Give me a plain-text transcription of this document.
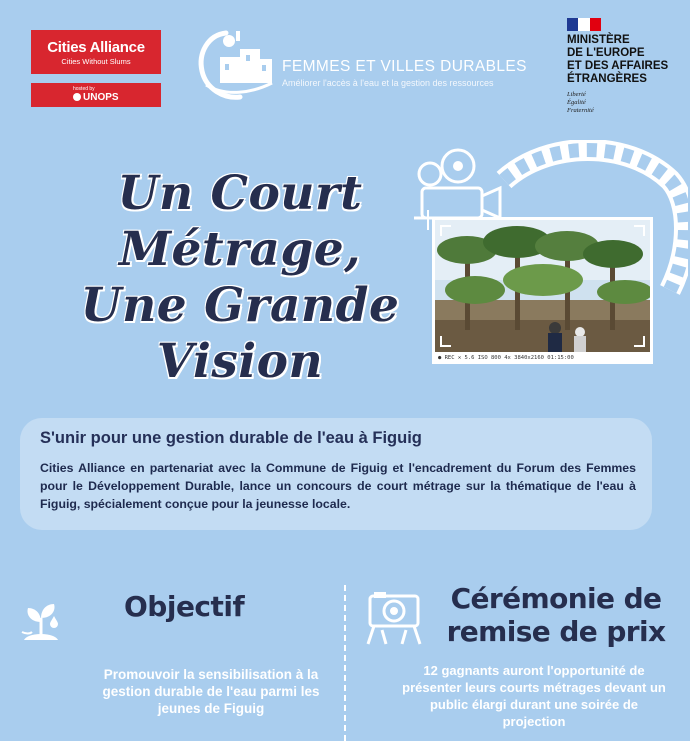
Cities Alliance
Cities Without Slums
hosted by
UNOPS
FEMMES ET VILLES DURABLES
Améliorer l'accès à l'eau et la gestion des ressources
MINISTÈRE
DE L'EUROPE
ET DES AFFAIRES
ÉTRANGÈRES
Liberté
Égalité
Fraternité
Un Court
Métrage,
Une Grande
Vision	● REC ✕ 5.6 ISO 800 4x 3840x2160 01:15:00
S'unir pour une gestion durable de l'eau à Figuig
Cities Alliance en partenariat avec la Commune de Figuig et l'encadrement du Forum des Femmes pour le Développement Durable, lance un concours de court métrage sur la thématique de l'eau à Figuig, spécialement conçue pour la jeunesse locale.
Objectif
Promouvoir la sensibilisation à la gestion durable de l'eau parmi les jeunes de Figuig
Cérémonie de remise de prix
12 gagnants auront l'opportunité de présenter leurs courts métrages devant un public élargi durant une soirée de projection
